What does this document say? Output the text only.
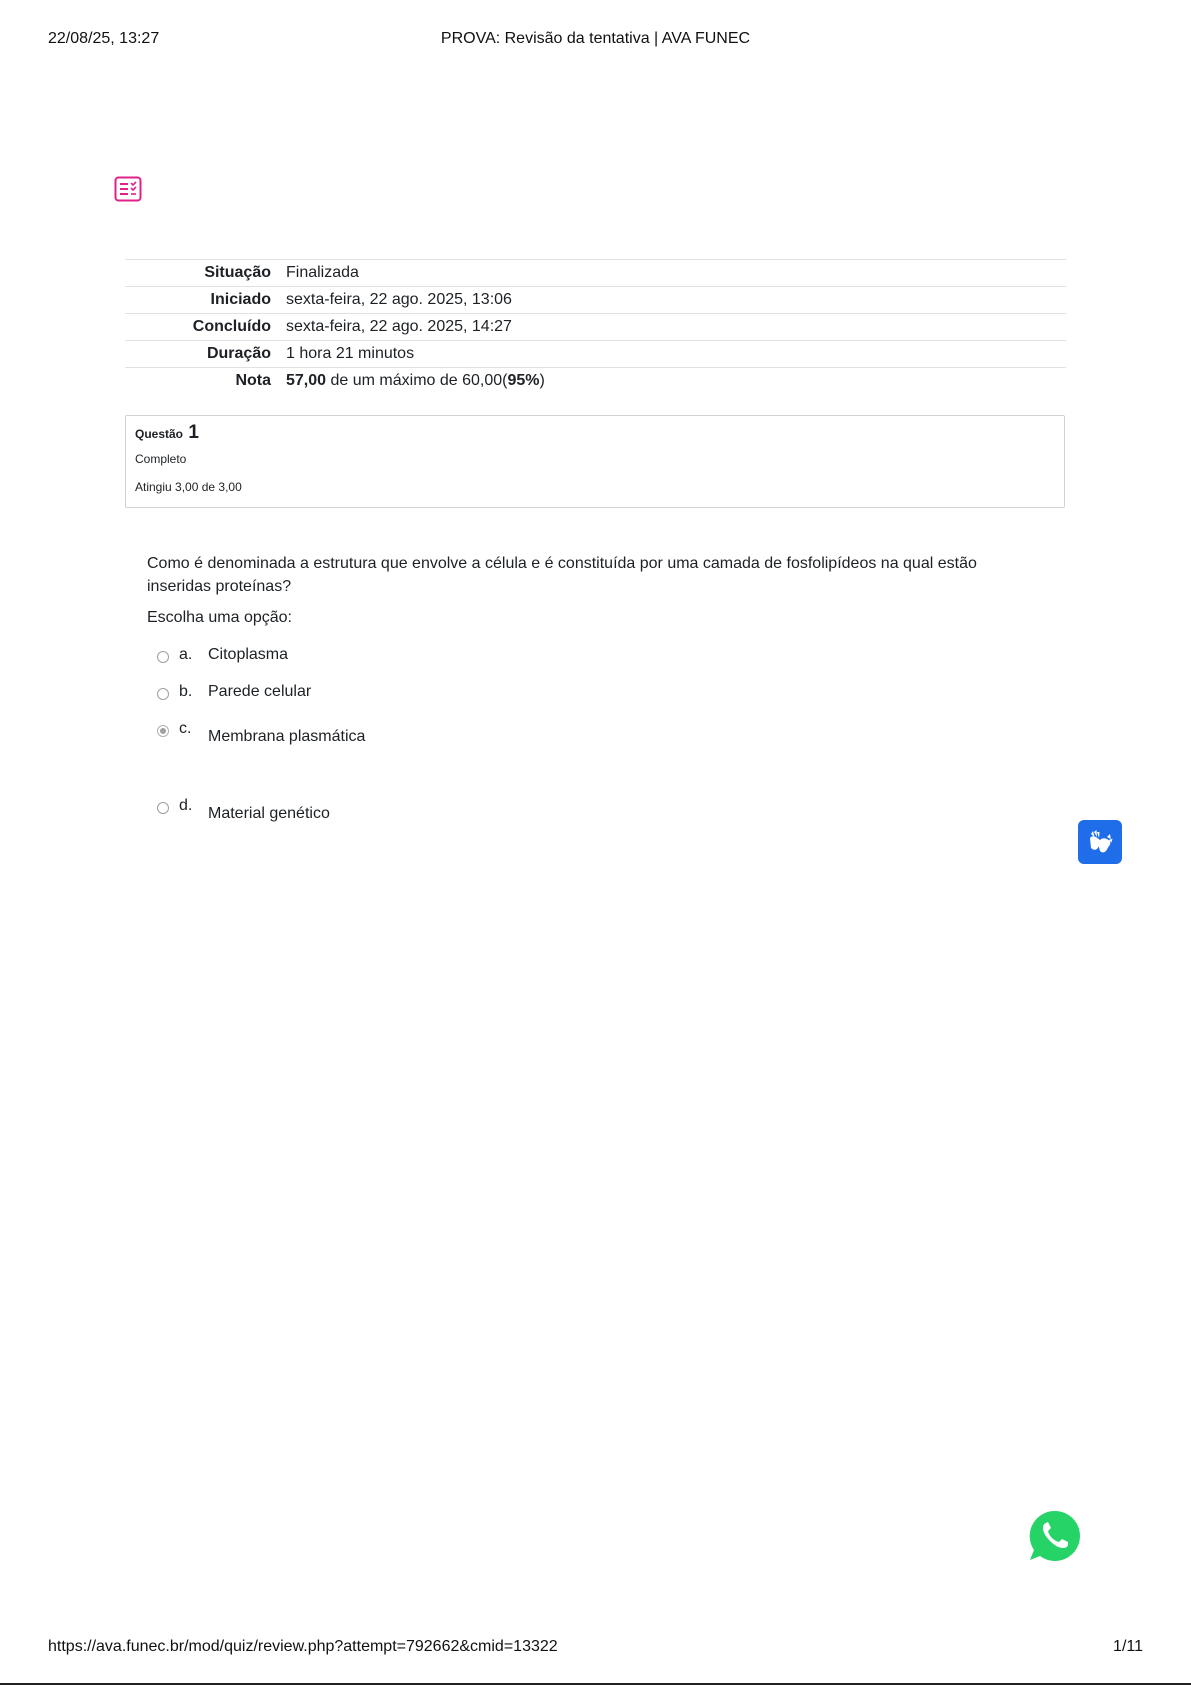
22/08/25, 13:27	PROVA: Revisão da tentativa | AVA FUNEC
Situação	Finalizada
Iniciado	sexta-feira, 22 ago. 2025, 13:06
Concluído	sexta-feira, 22 ago. 2025, 14:27
Duração	1 hora 21 minutos
Nota	57,00 de um máximo de 60,00(95%)
Questão 1
Completo
Atingiu 3,00 de 3,00
Como é denominada a estrutura que envolve a célula e é constituída por uma camada de fosfolipídeos na qual estão inseridas proteínas?
Escolha uma opção:
a. Citoplasma
b. Parede celular
c. Membrana plasmática
d. Material genético
https://ava.funec.br/mod/quiz/review.php?attempt=792662&cmid=13322	1/11
